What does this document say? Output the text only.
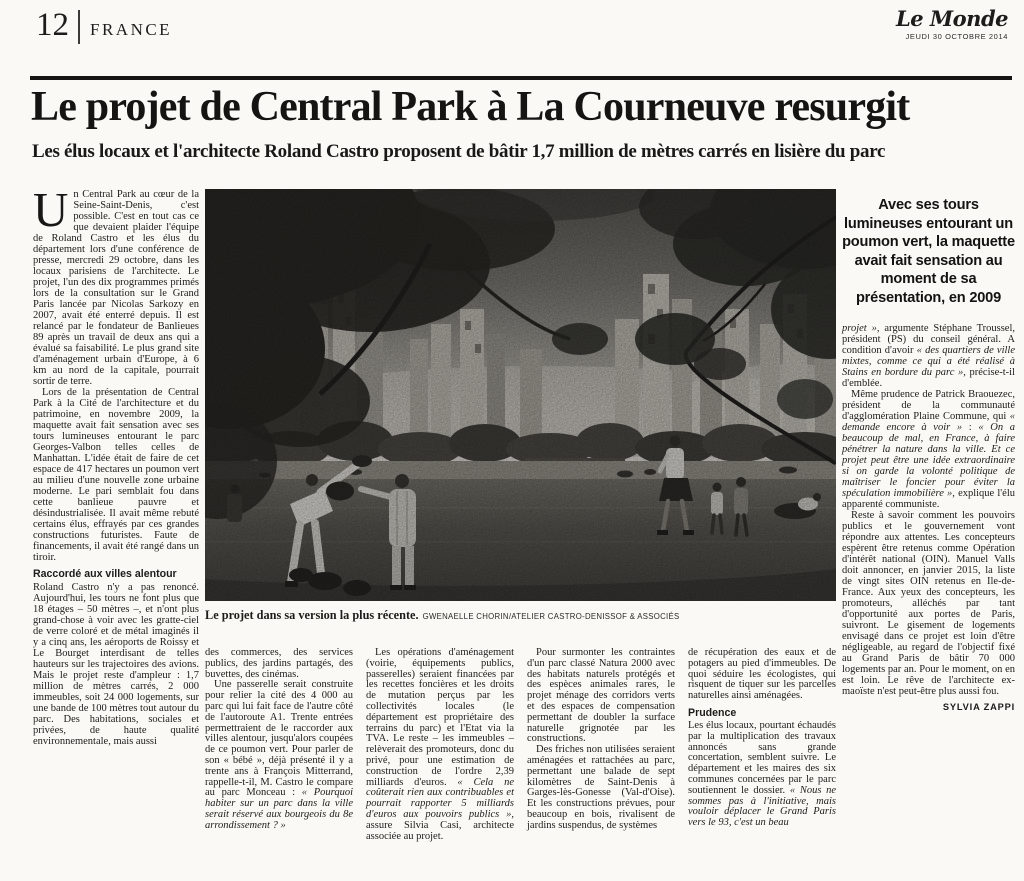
12 FRANCE	Le Monde
JEUDI 30 OCTOBRE 2014
Le projet de Central Park à La Courneuve resurgit
Les élus locaux et l'architecte Roland Castro proposent de bâtir 1,7 million de mètres carrés en lisière du parc

Un Central Park au cœur de la Seine-Saint-Denis, c'est possible. C'est en tout cas ce que devaient plaider l'équipe de Roland Castro et les élus du département lors d'une conférence de presse, mercredi 29 octobre, dans les locaux parisiens de l'architecte. Le projet, l'un des dix programmes primés lors de la consultation sur le Grand Paris lancée par Nicolas Sarkozy en 2007, avait été enterré depuis. Il est relancé par le fondateur de Banlieues 89 après un travail de deux ans qui a évalué sa faisabilité. Le plus grand site d'aménagement urbain d'Europe, à 6 km au nord de la capitale, pourrait sortir de terre.

Lors de la présentation de Central Park à la Cité de l'architecture et du patrimoine, en novembre 2009, la maquette avait fait sensation avec ses tours lumineuses entourant le parc Georges-Valbon telles celles de Manhattan. L'idée était de faire de cet espace de 417 hectares un poumon vert au milieu d'une nouvelle zone urbaine moderne. Le pari semblait fou dans cette banlieue pauvre et désindustrialisée. Il avait même rebuté certains élus, effrayés par ces grandes constructions futuristes. Faute de financements, il avait été rangé dans un tiroir.

Raccordé aux villes alentour

Roland Castro n'y a pas renoncé. Aujourd'hui, les tours ne font plus que 18 étages – 50 mètres –, et n'ont plus grand-chose à voir avec les gratte-ciel de verre coloré et de métal imaginés il y a cinq ans, les aéroports de Roissy et Le Bourget interdisant de telles hauteurs sur les trajectoires des avions. Mais le projet reste d'ampleur : 1,7 million de mètres carrés, 2 000 immeubles, soit 24 000 logements, sur une bande de 100 mètres tout autour du parc. Des habitations, sociales et privées, de haute qualité environnementale, mais aussi

Le projet dans sa version la plus récente. GWENAELLE CHORIN/ATELIER CASTRO-DENISSOF & ASSOCIÉS

des commerces, des services publics, des jardins partagés, des buvettes, des cinémas.

Une passerelle serait construite pour relier la cité des 4 000 au parc qui lui fait face de l'autre côté de l'autoroute A1. Trente entrées permettraient de le raccorder aux villes alentour, jusqu'alors coupées de ce poumon vert. Pour parler de son « bébé », déjà présenté il y a trente ans à François Mitterrand, rappelle-t-il, M. Castro le compare au parc Monceau : « Pourquoi habiter sur un parc dans la ville serait réservé aux bourgeois du 8e arrondissement ? »

Les opérations d'aménagement (voirie, équipements publics, passerelles) seraient financées par les recettes foncières et les droits de mutation perçus par les collectivités locales (le département est propriétaire des terrains du parc) et l'Etat via la TVA. Le reste – les immeubles – relèverait des promoteurs, donc du privé, pour une estimation de construction de l'ordre 2,39 milliards d'euros. « Cela ne coûterait rien aux contribuables et pourrait rapporter 5 milliards d'euros aux pouvoirs publics », assure Silvia Casi, architecte associée au projet.

Pour surmonter les contraintes d'un parc classé Natura 2000 avec des habitats naturels protégés et des espèces animales rares, le projet ménage des corridors verts et des espaces de compensation permettant de doubler la surface naturelle grignotée par les constructions.

Des friches non utilisées seraient aménagées et rattachées au parc, permettant une balade de sept kilomètres de Saint-Denis à Garges-lès-Gonesse (Val-d'Oise). Et les constructions prévues, pour beaucoup en bois, rivalisent de jardins suspendus, de systèmes

de récupération des eaux et de potagers au pied d'immeubles. De quoi séduire les écologistes, qui risquent de tiquer sur les parcelles naturelles ainsi aménagées.

Prudence

Les élus locaux, pourtant échaudés par la multiplication des travaux annoncés sans grande concertation, semblent suivre. Le département et les maires des six communes concernées par le parc soutiennent le dossier. « Nous ne sommes pas à l'initiative, mais vouloir déplacer le Grand Paris vers le 93, c'est un beau

Avec ses tours lumineuses entourant un poumon vert, la maquette avait fait sensation au moment de sa présentation, en 2009

projet », argumente Stéphane Troussel, président (PS) du conseil général. A condition d'avoir « des quartiers de ville mixtes, comme ce qui a été réalisé à Stains en bordure du parc », précise-t-il d'emblée.

Même prudence de Patrick Braouezec, président de la communauté d'agglomération Plaine Commune, qui « demande encore à voir » : « On a beaucoup de mal, en France, à faire pénétrer la nature dans la ville. Et ce projet peut être une idée extraordinaire si on garde la volonté politique de maîtriser le foncier pour éviter la spéculation immobilière », explique l'élu apparenté communiste.

Reste à savoir comment les pouvoirs publics et le gouvernement vont répondre aux attentes. Les concepteurs espèrent être retenus comme Opération d'intérêt national (OIN). Manuel Valls doit annoncer, en janvier 2015, la liste de vingt sites OIN retenus en Ile-de-France. Aux yeux des concepteurs, les promoteurs, alléchés par tant d'opportunité aux portes de Paris, suivront. Le gisement de logements envisagé dans ce projet est loin d'être négligeable, au regard de l'objectif fixé au Grand Paris de bâtir 70 000 logements par an. Pour le moment, on en est loin. Le rêve de l'architecte ex-maoïste n'est peut-être plus aussi fou.

SYLVIA ZAPPI
